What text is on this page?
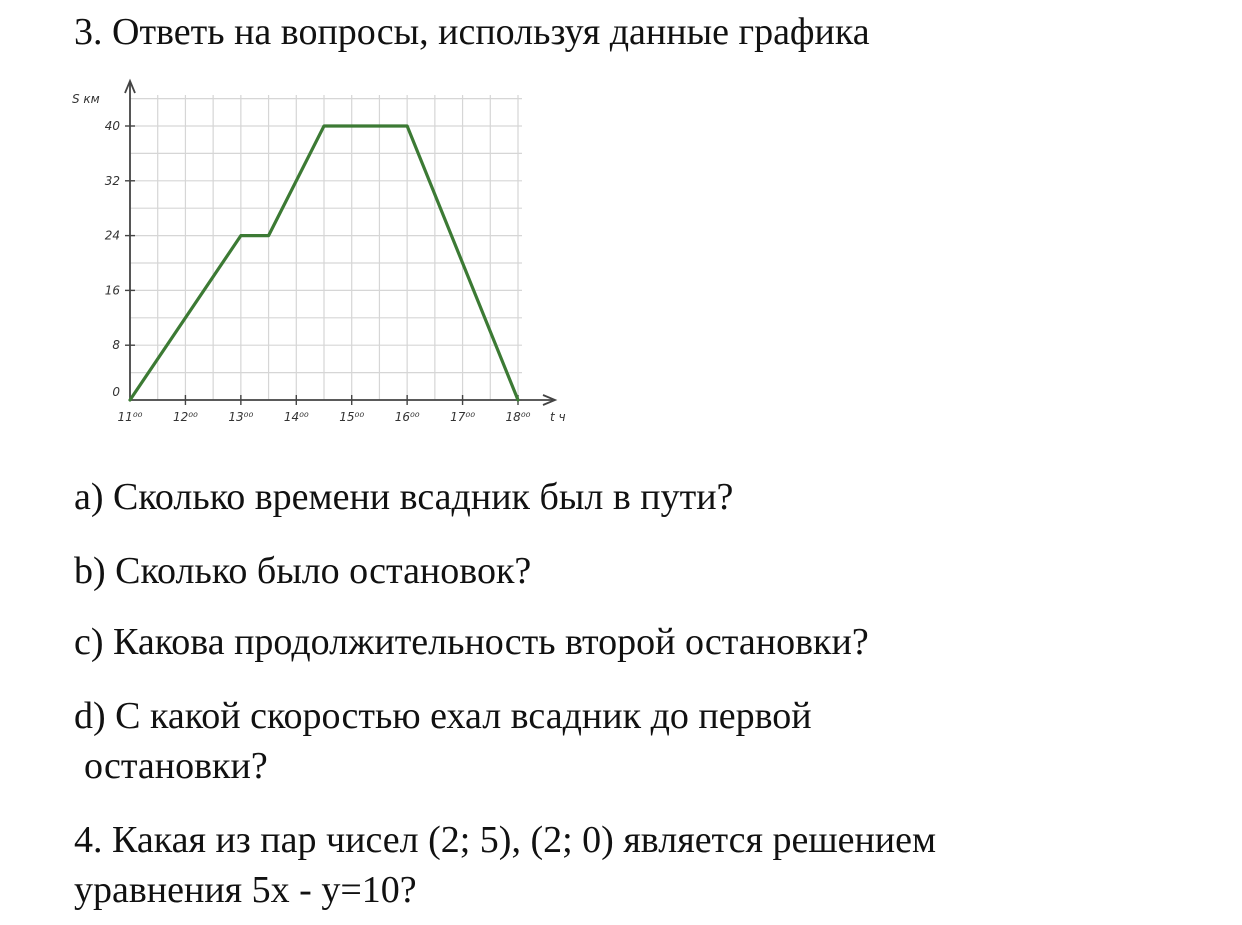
3. Ответь на вопросы, используя данные графика
0
8
16
24
32
40
11⁰⁰	12⁰⁰	13⁰⁰	14⁰⁰	15⁰⁰	16⁰⁰	17⁰⁰	18⁰⁰
S км
t ч
a) Сколько времени всадник был в пути?
b) Сколько было остановок?
c) Какова продолжительность второй остановки?
d) С какой скоростью ехал всадник до первой
остановки?
4. Какая из пар чисел (2; 5), (2; 0) является решением
уравнения 5х - у=10?
